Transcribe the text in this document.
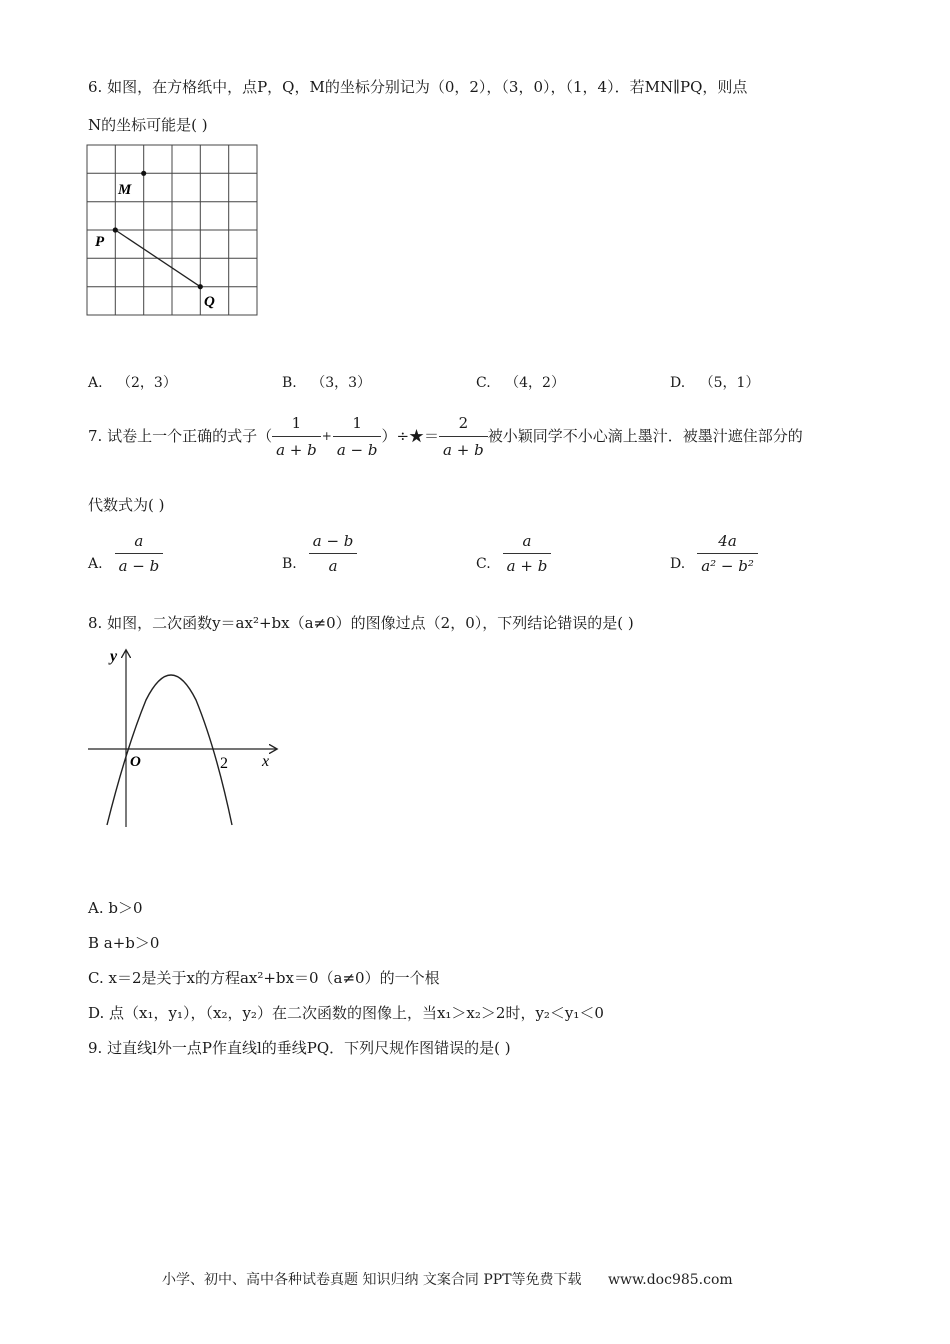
6. 如图，在方格纸中，点P，Q，M的坐标分别记为（0，2），（3，0），（1，4）．若MN∥PQ，则点
N的坐标可能是( )
M
P
Q
A. （2，3）	B. （3，3）	C. （4，2）	D. （5，1）
7. 试卷上一个正确的式子（ $\frac{1}{a + b} + \frac{1}{a - b}$ ）÷★＝ $\frac{2}{a + b}$ 被小颖同学不小心滴上墨汁．被墨汁遮住部分的
代数式为( )
A. $\frac{a}{a - b}$	B. $\frac{a - b}{a}$	C. $\frac{a}{a + b}$	D. $\frac{4a}{\text{a² − b²}}$
8. 如图，二次函数y＝ax²+bx（a≠0）的图像过点（2，0），下列结论错误的是( )
y
x
O	2
A. b＞0
B a+b＞0
C. x＝2是关于x的方程ax²+bx＝0（a≠0）的一个根
D. 点（x₁，y₁），（x₂，y₂）在二次函数的图像上，当x₁＞x₂＞2时，y₂＜y₁＜0
9. 过直线l外一点P作直线l的垂线PQ．下列尺规作图错误的是( )
小学、初中、高中各种试卷真题 知识归纳 文案合同 PPT等免费下载 www.doc985.com
